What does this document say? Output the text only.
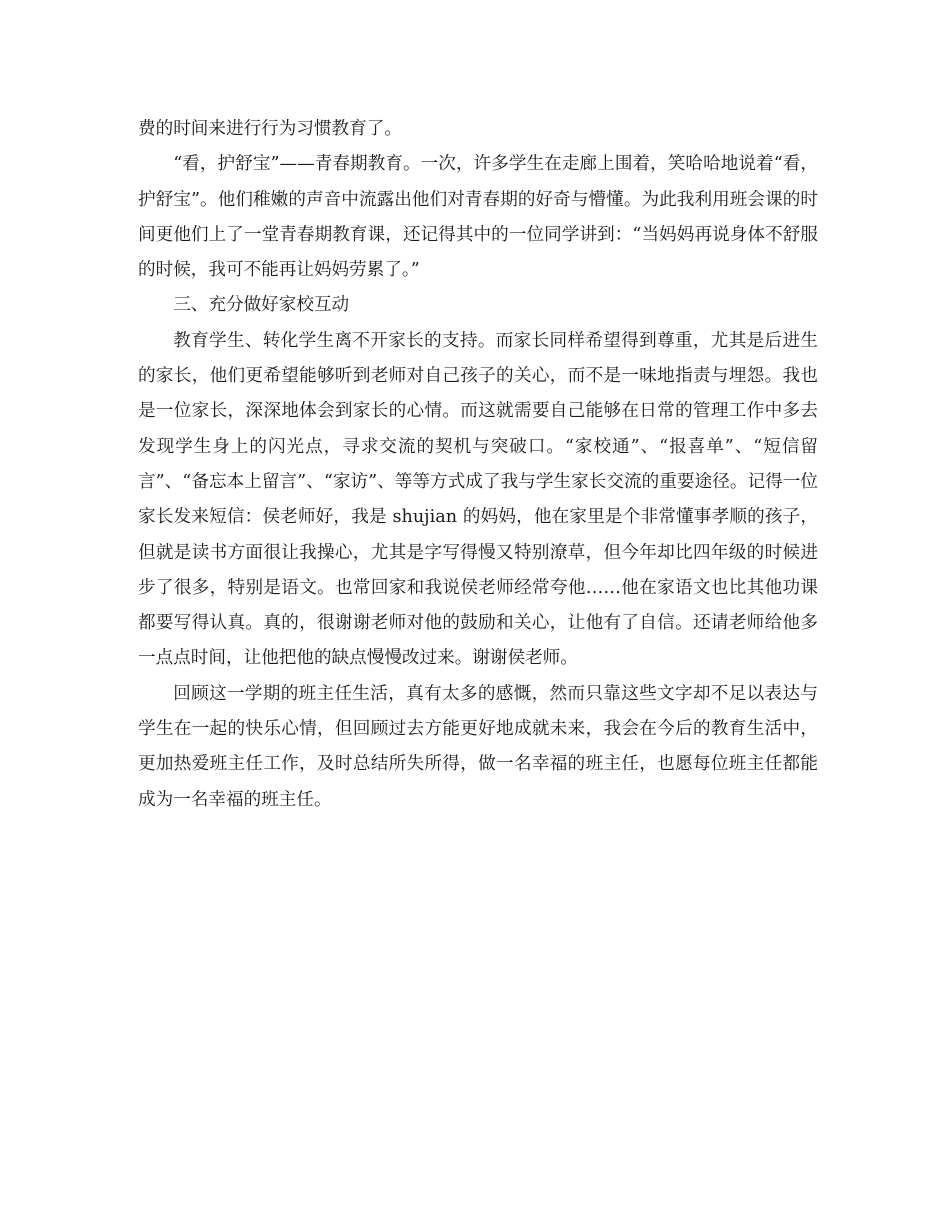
费的时间来进行行为习惯教育了。

“看，护舒宝”——青春期教育。一次，许多学生在走廊上围着，笑哈哈地说着“看，护舒宝”。他们稚嫩的声音中流露出他们对青春期的好奇与懵懂。为此我利用班会课的时间更他们上了一堂青春期教育课，还记得其中的一位同学讲到：“当妈妈再说身体不舒服的时候，我可不能再让妈妈劳累了。”

三、充分做好家校互动

教育学生、转化学生离不开家长的支持。而家长同样希望得到尊重，尤其是后进生的家长，他们更希望能够听到老师对自己孩子的关心，而不是一味地指责与埋怨。我也是一位家长，深深地体会到家长的心情。而这就需要自己能够在日常的管理工作中多去发现学生身上的闪光点，寻求交流的契机与突破口。“家校通”、“报喜单”、“短信留言”、“备忘本上留言”、“家访”、等等方式成了我与学生家长交流的重要途径。记得一位家长发来短信：侯老师好，我是 shujian 的妈妈，他在家里是个非常懂事孝顺的孩子，但就是读书方面很让我操心，尤其是字写得慢又特别潦草，但今年却比四年级的时候进步了很多，特别是语文。也常回家和我说侯老师经常夸他……他在家语文也比其他功课都要写得认真。真的，很谢谢老师对他的鼓励和关心，让他有了自信。还请老师给他多一点点时间，让他把他的缺点慢慢改过来。谢谢侯老师。

回顾这一学期的班主任生活，真有太多的感慨，然而只靠这些文字却不足以表达与学生在一起的快乐心情，但回顾过去方能更好地成就未来，我会在今后的教育生活中，更加热爱班主任工作，及时总结所失所得，做一名幸福的班主任，也愿每位班主任都能成为一名幸福的班主任。
